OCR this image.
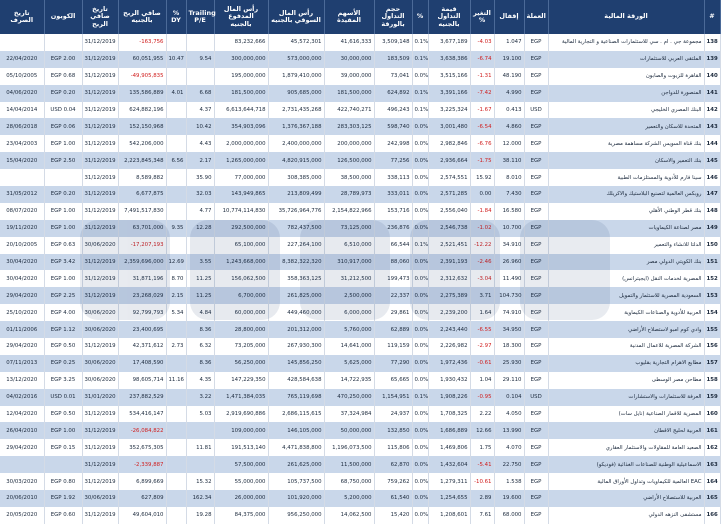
تاريخ الصرف	الكوبون	تاريخ صافي الربح	صافي الربح بالجنيه	% DY	Trailing P/E	رأس المال المدفوع بالجنيه	رأس المال السوقي بالجنيه	الأسهم المقيدة	حجم التداول بالورقة	%	قيمة التداول بالجنيه	التغير %	إقفال	العملة	الورقة المالية	#
		31/12/2019	-163,756			83,232,666	45,572,301	41,616,333	3,509,148	0.1%	3,677,189	-4.03	1.047	EGP	مجموعة جي . ام . سي للاستثمارات الصناعية و التجارية المالية	138
22/04/2020	EGP 2.00	31/12/2019	60,051,955	10.47	9.54	300,000,000	573,000,000	30,000,000	183,509	0.1%	3,638,386	-6.74	19.100	EGP	الملتقى العربي للاستثمارات	139
05/10/2005	EGP 0.68	31/12/2019	-49,905,835			195,000,000	1,879,410,000	39,000,000	73,041	0.0%	3,515,166	-1.31	48.190	EGP	القاهرة للزيوت والصابون	140
04/06/2020	EGP 0.20	31/12/2019	135,586,889	4.01	6.68	181,500,000	905,685,000	181,500,000	624,892	0.1%	3,391,166	-7.42	4.990	EGP	المنصورة للدواجن	141
14/04/2014	USD 0.04	31/12/2019	624,882,196		4.37	6,613,644,718	2,731,435,268	422,740,271	496,243	0.1%	3,225,324	-1.67	0.413	USD	البنك المصري الخليجي	142
28/06/2018	EGP 0.06	31/12/2019	152,150,968		10.42	354,903,096	1,376,367,188	283,303,125	598,740	0.0%	3,001,480	-6.54	4.860	EGP	المتحدة للاسكان والتعمير	143
23/04/2003	EGP 1.00	31/12/2019	542,206,000		4.43	2,000,000,000	2,400,000,000	200,000,000	242,998	0.0%	2,982,846	-6.76	12.000	EGP	بنك قناة السويس الشركة مساهمة مصرية	144
15/04/2020	EGP 2.50	31/12/2019	2,223,845,348	6.56	2.17	1,265,000,000	4,820,915,000	126,500,000	77,256	0.0%	2,936,664	-1.75	38.110	EGP	بنك التعمير والاسكان	145
		31/12/2019	8,589,882		35.90	77,000,000	308,385,000	38,500,000	338,113	0.0%	2,574,551	15.92	8.010	EGP	سينا فارم للأدوية والمستلزمات الطبية	146
31/05/2012	EGP 0.20	31/12/2019	6,677,875		32.03	143,949,865	213,809,499	28,789,973	333,011	0.0%	2,571,285	0.00	7.430	EGP	روبكس العالمية لتصنيع البلاستيك والاكريلك	147
08/07/2020	EGP 1.00	31/12/2019	7,491,517,830		4.77	10,774,114,830	35,726,964,776	2,154,822,966	153,716	0.0%	2,556,040	-1.84	16.580	EGP	بنك قطر الوطني الأهلي	148
19/11/2020	EGP 1.00	31/12/2019	63,701,000	9.35	12.28	292,500,000	782,437,500	73,125,000	236,876	0.0%	2,546,738	-1.02	10.700	EGP	مصر لصناعة الكيماويات	149
20/10/2005	EGP 0.63	30/06/2020	-17,207,193			65,100,000	227,264,100	6,510,000	66,544	0.1%	2,521,451	-12.22	34.910	EGP	الدلتا للانشاء والتعمير	150
30/04/2020	EGP 3.42	31/12/2019	2,359,696,000	12.69	3.55	1,243,668,000	8,382,322,320	310,917,000	88,060	0.0%	2,391,193	-2.46	26.960	EGP	بنك الكويتي الدولي مصر	151
30/04/2020	EGP 1.00	31/12/2019	31,871,196	8.70	11.25	156,062,500	358,363,125	31,212,500	199,473	0.0%	2,312,632	-3.04	11.490	EGP	المصرية لخدمات النقل (ايجيترانس)	152
29/04/2020	EGP 2.25	31/12/2019	23,268,029	2.15	11.25	6,700,000	261,825,000	2,500,000	22,337	0.0%	2,275,389	3.71	104.730	EGP	السعودية المصرية للاستثمار والتمويل	153
25/10/2020	EGP 4.00	30/06/2020	92,799,793	5.34	4.84	60,000,000	449,460,000	6,000,000	29,861	0.0%	2,239,200	1.64	74.910	EGP	العربية للأدوية والصناعات الكيماوية	154
01/11/2006	EGP 1.12	30/06/2020	23,400,695		8.36	28,800,000	201,312,000	5,760,000	62,889	0.0%	2,243,440	-6.55	34.950	EGP	وادي كوم امبو لاستصلاح الأراضي	155
29/04/2020	EGP 0.50	31/12/2019	42,371,612	2.73	6.32	73,205,000	267,930,300	14,641,000	119,159	0.0%	2,226,982	-2.97	18.300	EGP	الشركة المصرية للاعمال المدنية	156
07/11/2013	EGP 0.25	30/06/2020	17,408,590		8.36	56,250,000	145,856,250	5,625,000	77,290	0.0%	1,972,436	-0.61	25.930	EGP	مطابع الاهرام التجارية بقليوب	157
13/12/2020	EGP 3.25	30/06/2020	98,605,714	11.16	4.35	147,229,350	428,584,638	14,722,935	65,665	0.0%	1,930,432	1.04	29.110	EGP	مطاحن مصر الوسطى	158
04/02/2016	USD 0.01	31/01/2020	237,882,529		3.22	1,471,384,035	765,119,698	470,250,000	1,154,951	0.1%	1,908,226	-0.95	0.104	USD	العرفة للاستثمارات والاستشارات	159
12/04/2020	EGP 0.50	31/12/2019	534,416,147		5.03	2,919,690,886	2,686,115,615	37,324,984	24,937	0.0%	1,708,325	2.22	4.050	EGP	المصرية للاقمار الصناعية (نايل سات)	160
26/04/2010	EGP 1.00	31/12/2019	-26,084,822			109,000,000	146,105,000	50,000,000	132,850	0.0%	1,686,889	12.66	13.990	EGP	العربية لحليج الاقطان	161
29/04/2020	EGP 0.15	31/12/2019	352,675,305		11.81	191,513,140	4,471,838,800	1,196,073,500	115,806	0.0%	1,469,806	1.75	4.070	EGP	الصعيد العامة للمقاولات والاستثمار العقاري	162
		31/12/2019	-2,339,887			57,500,000	261,625,000	11,500,000	62,870	0.0%	1,432,604	-5.41	22.750	EGP	الاسماعيلية الوطنية للصناعات الغذائية (فوديكو)	163
30/03/2020	EGP 0.80	31/12/2019	6,899,669		15.32	55,000,000	105,737,500	68,750,000	759,262	0.0%	1,279,311	-10.61	1.538	EGP	EAC العالمية للكيماويات وتداول الأوراق المالية	164
20/06/2010	EGP 1.92	30/06/2019	627,809		162.34	26,000,000	101,920,000	5,200,000	61,540	0.0%	1,254,655	2.89	19.600	EGP	العربية للاستصلاح الأراضي	165
20/05/2020	EGP 0.60	31/12/2019	49,604,010		19.28	84,375,000	956,250,000	14,062,500	15,420	0.0%	1,208,601	7.61	68.000	EGP	مستشفى النزهه الدولي	166
